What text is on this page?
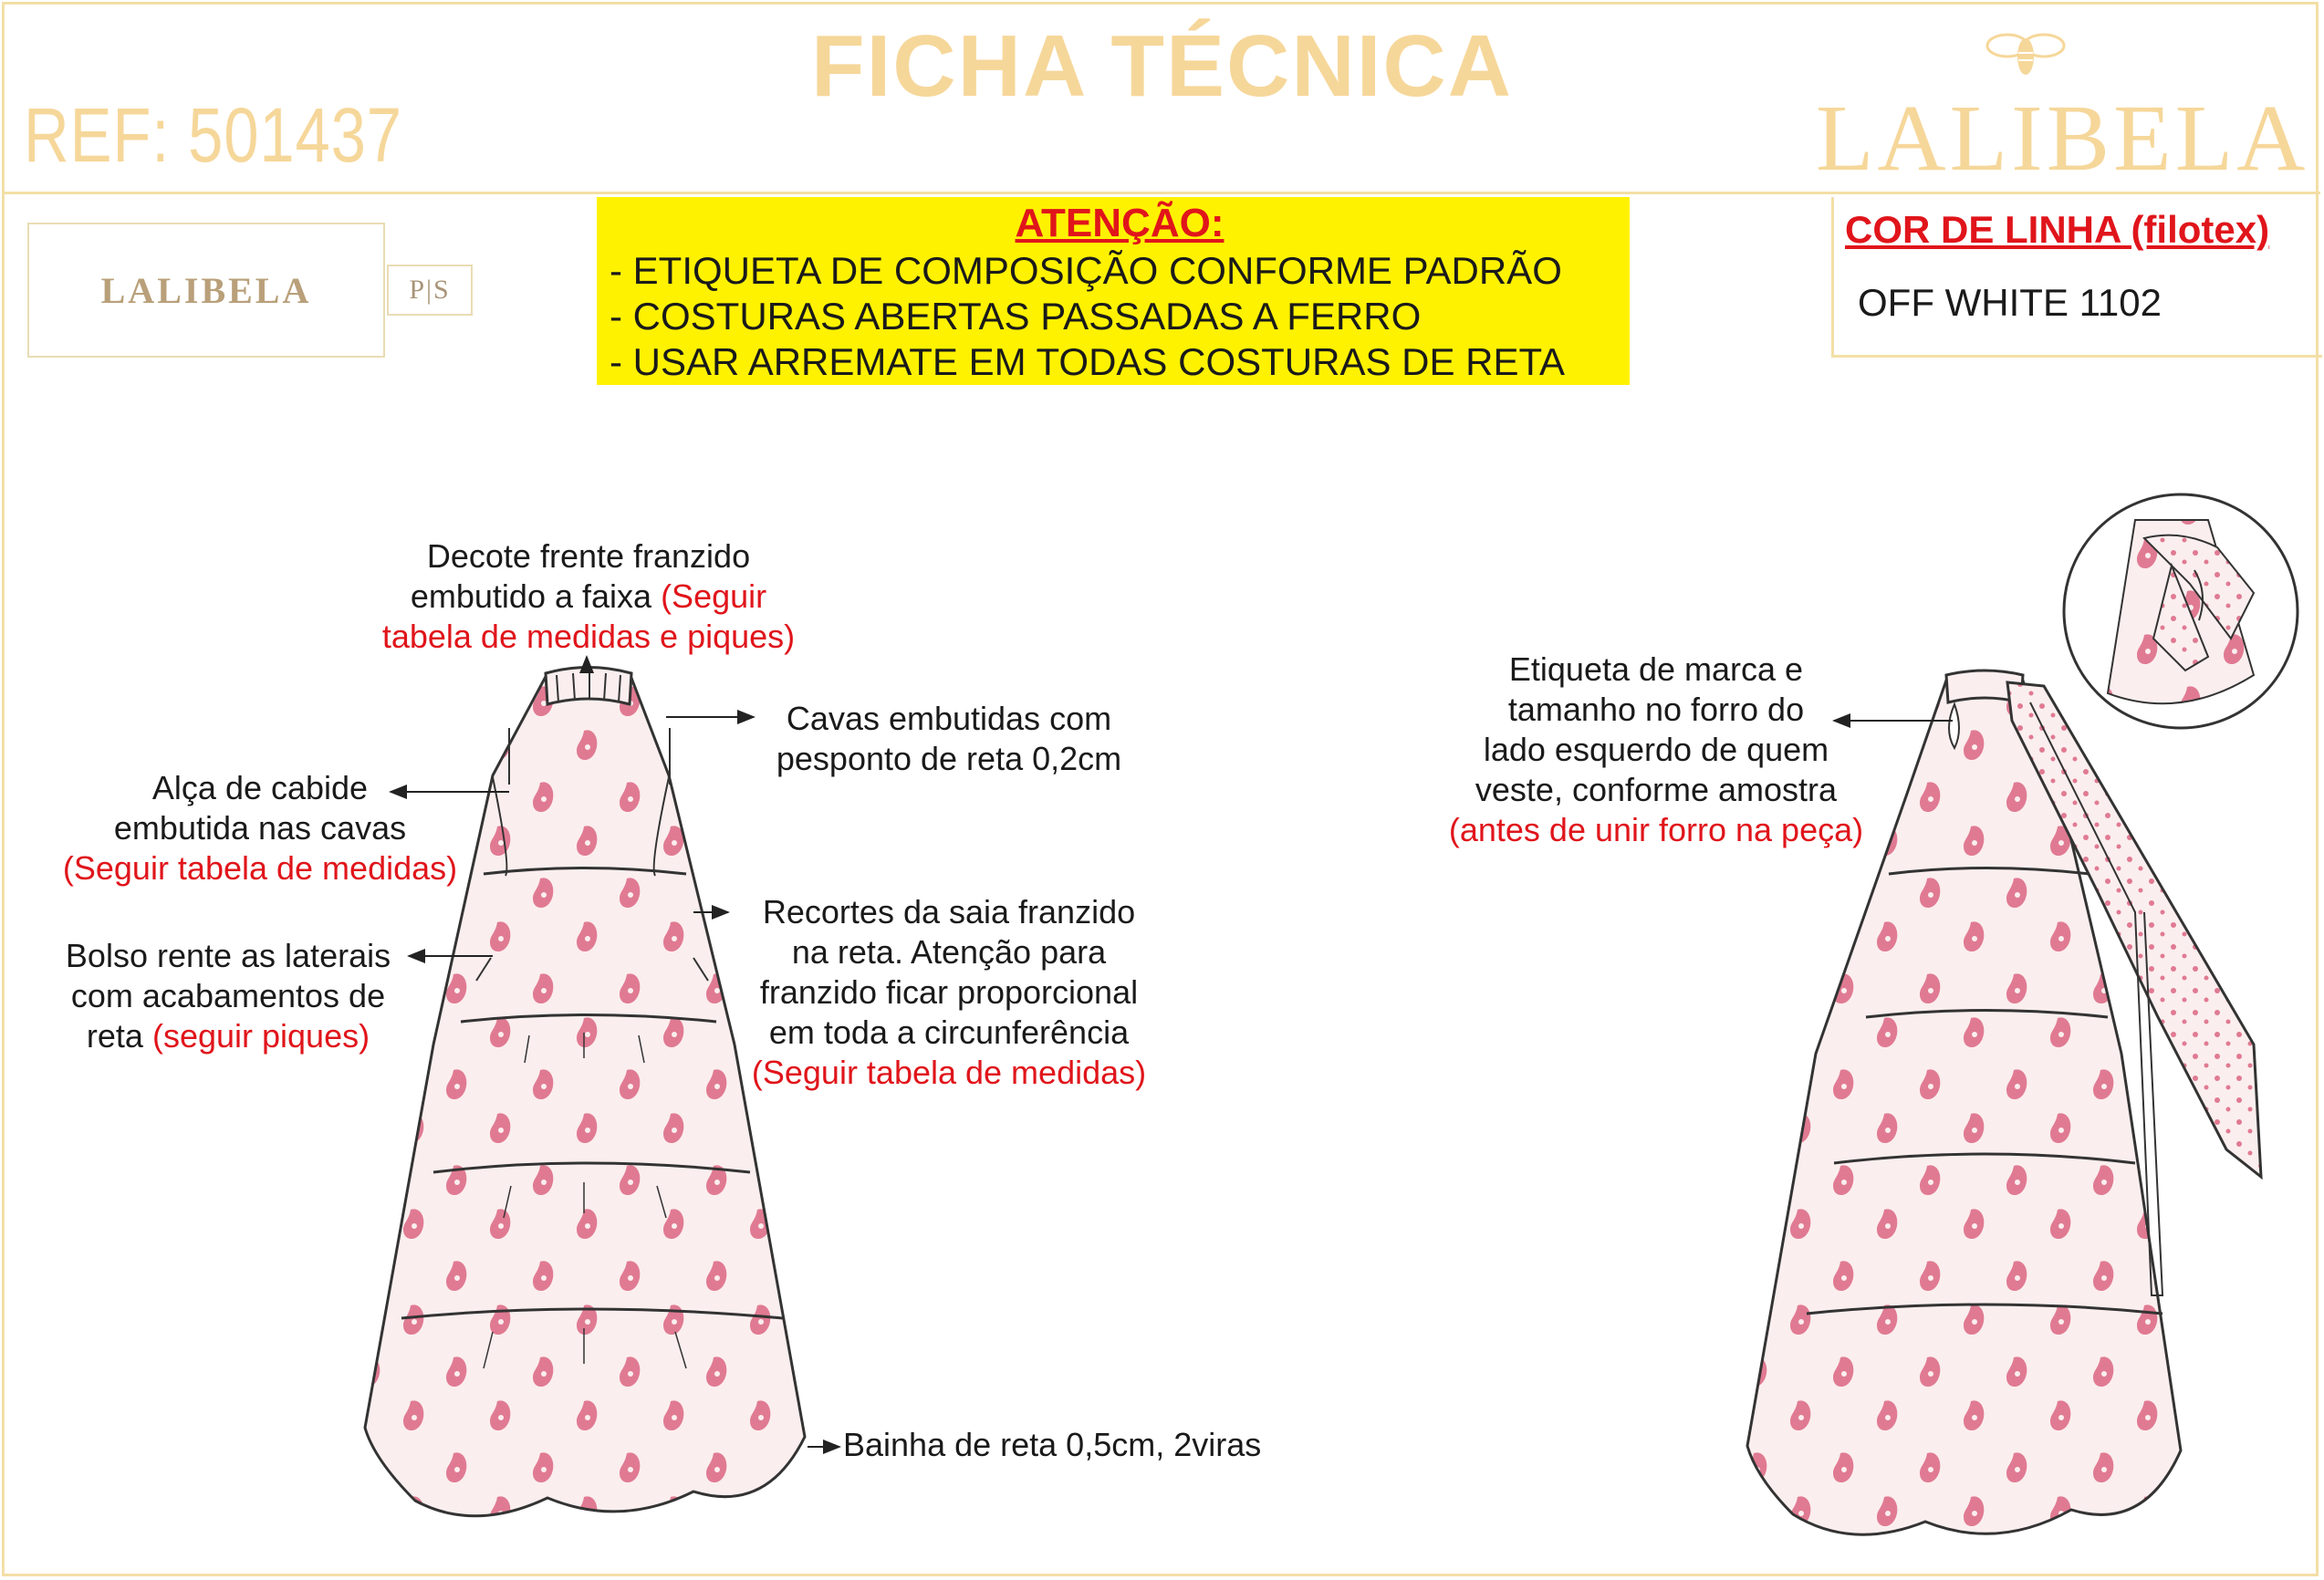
FICHA TÉCNICA
REF: 501437	LALIBELA
LALIBELA	P|S
ATENÇÃO:
- ETIQUETA DE COMPOSIÇÃO CONFORME PADRÃO
- COSTURAS ABERTAS PASSADAS A FERRO
- USAR ARREMATE EM TODAS COSTURAS DE RETA
COR DE LINHA (filotex)
OFF WHITE 1102
Decote frente franzido
embutido a faixa (Seguir
tabela de medidas e piques)
Cavas embutidas com
pesponto de reta 0,2cm
Alça de cabide
embutida nas cavas
(Seguir tabela de medidas)
Bolso rente as laterais
com acabamentos de
reta (seguir piques)
Recortes da saia franzido
na reta. Atenção para
franzido ficar proporcional
em toda a circunferência
(Seguir tabela de medidas)
Bainha de reta 0,5cm, 2viras
Etiqueta de marca e
tamanho no forro do
lado esquerdo de quem
veste, conforme amostra
(antes de unir forro na peça)
